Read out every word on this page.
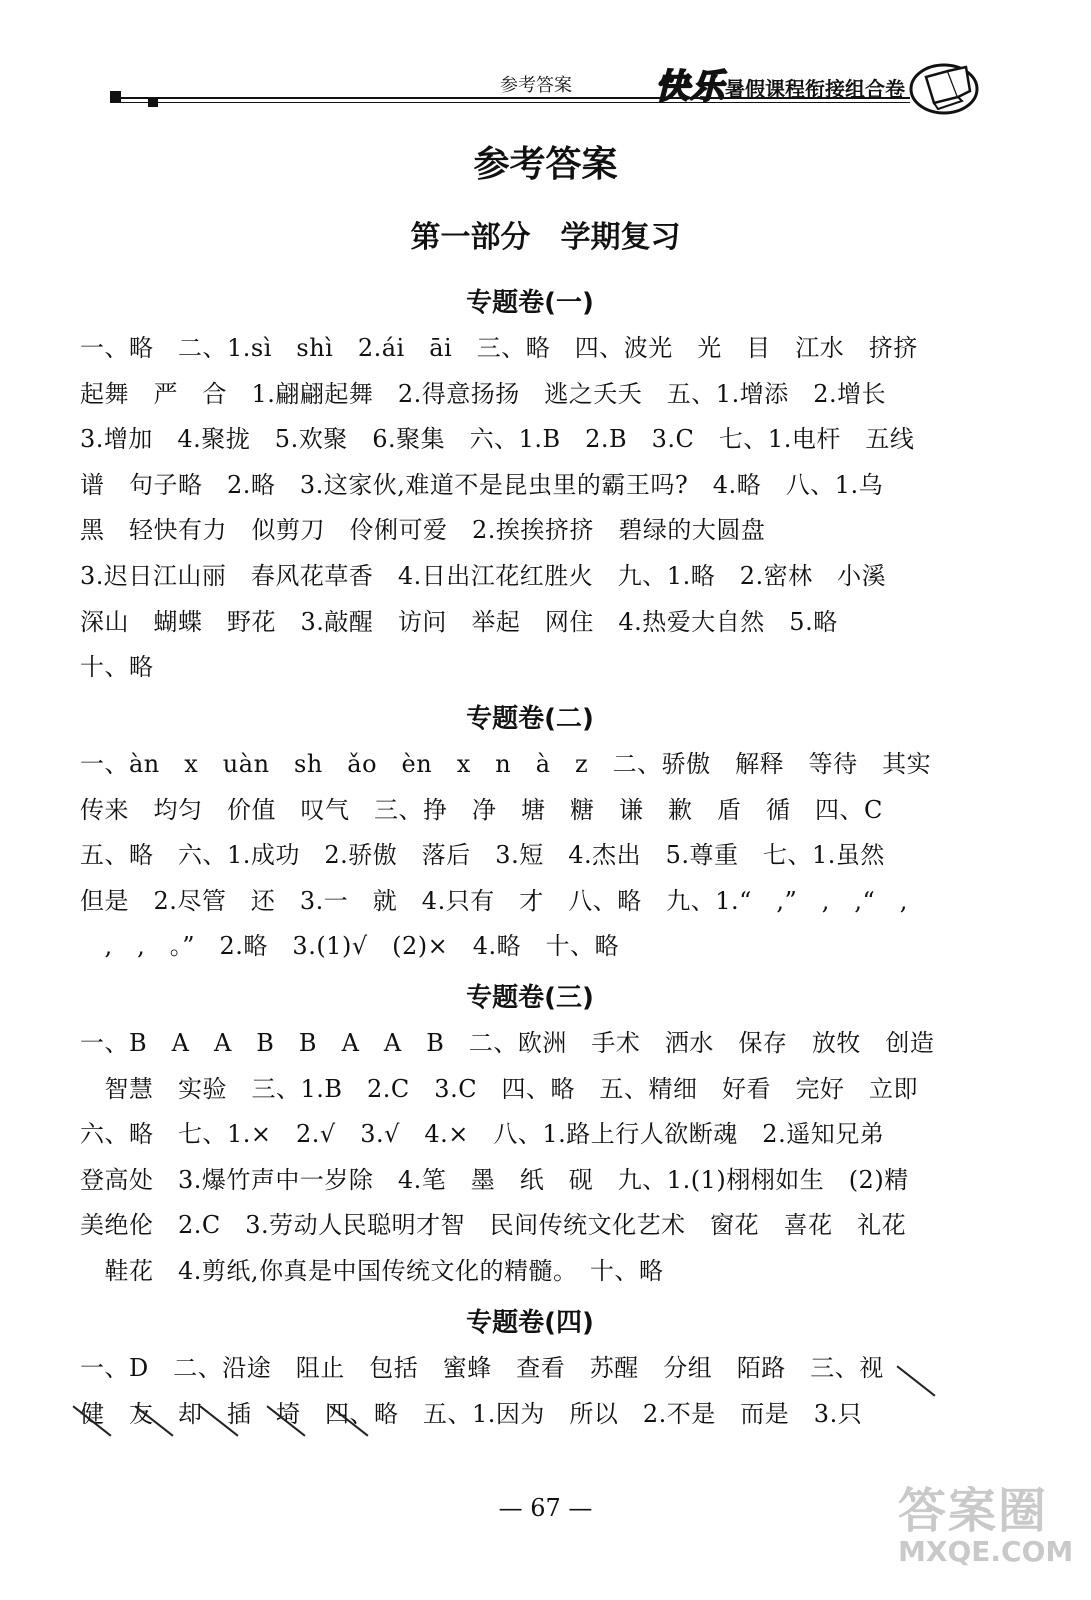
参考答案 快乐 暑假课程衔接组合卷
参考答案
第一部分　学期复习
专题卷(一)
一、略　二、1.sì　shì　2.ái　āi　三、略　四、波光　光　目　江水　挤挤
起舞　严　合　1.翩翩起舞　2.得意扬扬　逃之夭夭　五、1.增添　2.增长
3.增加　4.聚拢　5.欢聚　6.聚集　六、1.B　2.B　3.C　七、1.电杆　五线
谱　句子略　2.略　3.这家伙,难道不是昆虫里的霸王吗?　4.略　八、1.乌
黑　轻快有力　似剪刀　伶俐可爱　2.挨挨挤挤　碧绿的大圆盘
3.迟日江山丽　春风花草香　4.日出江花红胜火　九、1.略　2.密林　小溪
深山　蝴蝶　野花　3.敲醒　访问　举起　网住　4.热爱大自然　5.略
十、略
专题卷(二)
一、àn　x　uàn　sh　ǎo　èn　x　n　à　z　二、骄傲　解释　等待　其实
传来　均匀　价值　叹气　三、挣　净　塘　糖　谦　歉　盾　循　四、C
五、略　六、1.成功　2.骄傲　落后　3.短　4.杰出　5.尊重　七、1.虽然
但是　2.尽管　还　3.一　就　4.只有　才　八、略　九、1.“　,”　,　,“　,
　,　,　。”　2.略　3.(1)√　(2)×　4.略　十、略
专题卷(三)
一、B　A　A　B　B　A　A　B　二、欧洲　手术　洒水　保存　放牧　创造
　智慧　实验　三、1.B　2.C　3.C　四、略　五、精细　好看　完好　立即
六、略　七、1.×　2.√　3.√　4.×　八、1.路上行人欲断魂　2.遥知兄弟
登高处　3.爆竹声中一岁除　4.笔　墨　纸　砚　九、1.(1)栩栩如生　(2)精
美绝伦　2.C　3.劳动人民聪明才智　民间传统文化艺术　窗花　喜花　礼花
　鞋花　4.剪纸,你真是中国传统文化的精髓。　十、略
专题卷(四)
一、D　二、沿途　阻止　包括　蜜蜂　查看　苏醒　分组　陌路　三、视
健　友　却　插　埼　四、略　五、1.因为　所以　2.不是　而是　3.只
— 67 —	答案圈
MXQE.COM
